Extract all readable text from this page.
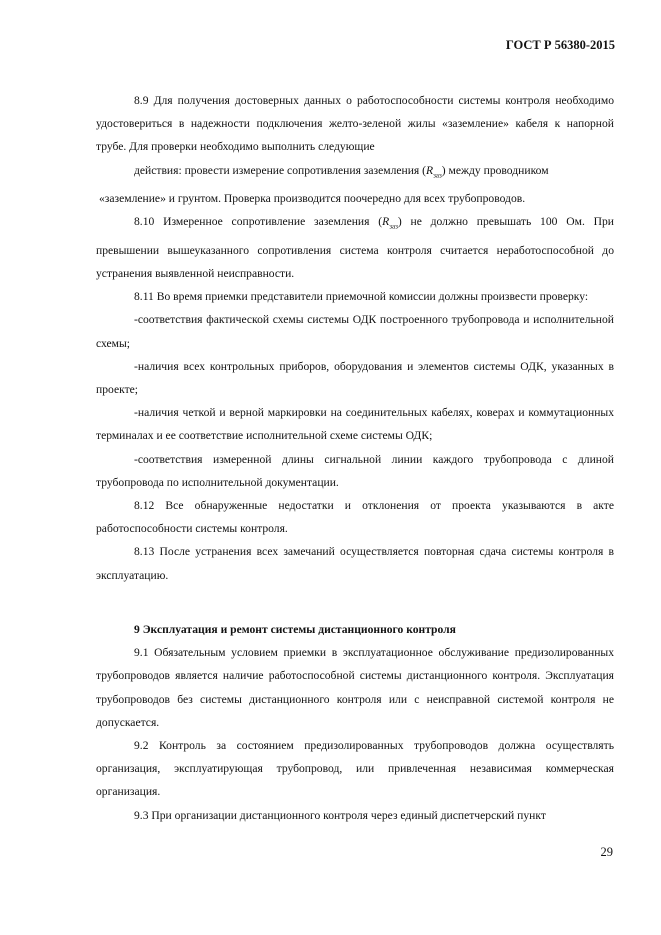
ГОСТ Р 56380-2015

8.9 Для получения достоверных данных о работоспособности системы контроля необходимо удостовериться в надежности подключения желто-зеленой жилы «заземление» кабеля к напорной трубе. Для проверки необходимо выполнить следующие

действия: провести измерение сопротивления заземления $(R_{заз})$ между проводником

«заземление» и грунтом. Проверка производится поочередно для всех трубопроводов.

8.10 Измеренное сопротивление заземления $(R_{заз})$ не должно превышать 100 Ом. При превышении вышеуказанного сопротивления система контроля считается неработоспособной до устранения выявленной неисправности.

8.11 Во время приемки представители приемочной комиссии должны произвести проверку:

-соответствия фактической схемы системы ОДК построенного трубопровода и исполнительной схемы;

-наличия всех контрольных приборов, оборудования и элементов системы ОДК, указанных в проекте;

-наличия четкой и верной маркировки на соединительных кабелях, коверах и коммутационных терминалах и ее соответствие исполнительной схеме системы ОДК;

-соответствия измеренной длины сигнальной линии каждого трубопровода с длиной трубопровода по исполнительной документации.

8.12 Все обнаруженные недостатки и отклонения от проекта указываются в акте работоспособности системы контроля.

8.13 После устранения всех замечаний осуществляется повторная сдача системы контроля в эксплуатацию.

9 Эксплуатация и ремонт системы дистанционного контроля

9.1 Обязательным условием приемки в эксплуатационное обслуживание предизолированных трубопроводов является наличие работоспособной системы дистанционного контроля. Эксплуатация трубопроводов без системы дистанционного контроля или с неисправной системой контроля не допускается.

9.2 Контроль за состоянием предизолированных трубопроводов должна осуществлять организация, эксплуатирующая трубопровод, или привлеченная независимая коммерческая организация.

9.3 При организации дистанционного контроля через единый диспетчерский пункт

29
